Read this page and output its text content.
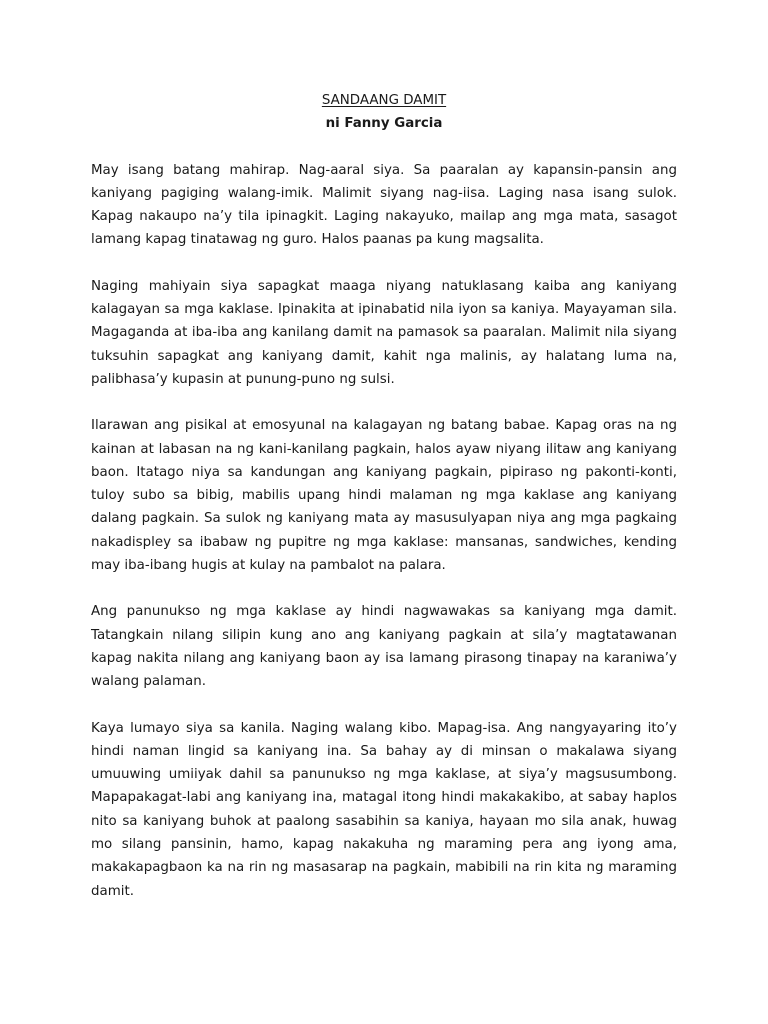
SANDAANG DAMIT

ni Fanny Garcia

May isang batang mahirap. Nag-aaral siya. Sa paaralan ay kapansin-pansin ang kaniyang pagiging walang-imik. Malimit siyang nag-iisa. Laging nasa isang sulok. Kapag nakaupo na’y tila ipinagkit. Laging nakayuko, mailap ang mga mata, sasagot lamang kapag tinatawag ng guro. Halos paanas pa kung magsalita.

Naging mahiyain siya sapagkat maaga niyang natuklasang kaiba ang kaniyang kalagayan sa mga kaklase. Ipinakita at ipinabatid nila iyon sa kaniya. Mayayaman sila. Magaganda at iba-iba ang kanilang damit na pamasok sa paaralan. Malimit nila siyang tuksuhin sapagkat ang kaniyang damit, kahit nga malinis, ay halatang luma na, palibhasa’y kupasin at punung-puno ng sulsi.

Ilarawan ang pisikal at emosyunal na kalagayan ng batang babae. Kapag oras na ng kainan at labasan na ng kani-kanilang pagkain, halos ayaw niyang ilitaw ang kaniyang baon. Itatago niya sa kandungan ang kaniyang pagkain, pipiraso ng pakonti-konti, tuloy subo sa bibig, mabilis upang hindi malaman ng mga kaklase ang kaniyang dalang pagkain. Sa sulok ng kaniyang mata ay masusulyapan niya ang mga pagkaing nakadispley sa ibabaw ng pupitre ng mga kaklase: mansanas, sandwiches, kending may iba-ibang hugis at kulay na pambalot na palara.

Ang panunukso ng mga kaklase ay hindi nagwawakas sa kaniyang mga damit. Tatangkain nilang silipin kung ano ang kaniyang pagkain at sila’y magtatawanan kapag nakita nilang ang kaniyang baon ay isa lamang pirasong tinapay na karaniwa’y walang palaman.

Kaya lumayo siya sa kanila. Naging walang kibo. Mapag-isa. Ang nangyayaring ito’y hindi naman lingid sa kaniyang ina. Sa bahay ay di minsan o makalawa siyang umuuwing umiiyak dahil sa panunukso ng mga kaklase, at siya’y magsusumbong. Mapapakagat-labi ang kaniyang ina, matagal itong hindi makakakibo, at sabay haplos nito sa kaniyang buhok at paalong sasabihin sa kaniya, hayaan mo sila anak, huwag mo silang pansinin, hamo, kapag nakakuha ng maraming pera ang iyong ama, makakapagbaon ka na rin ng masasarap na pagkain, mabibili na rin kita ng maraming damit.
